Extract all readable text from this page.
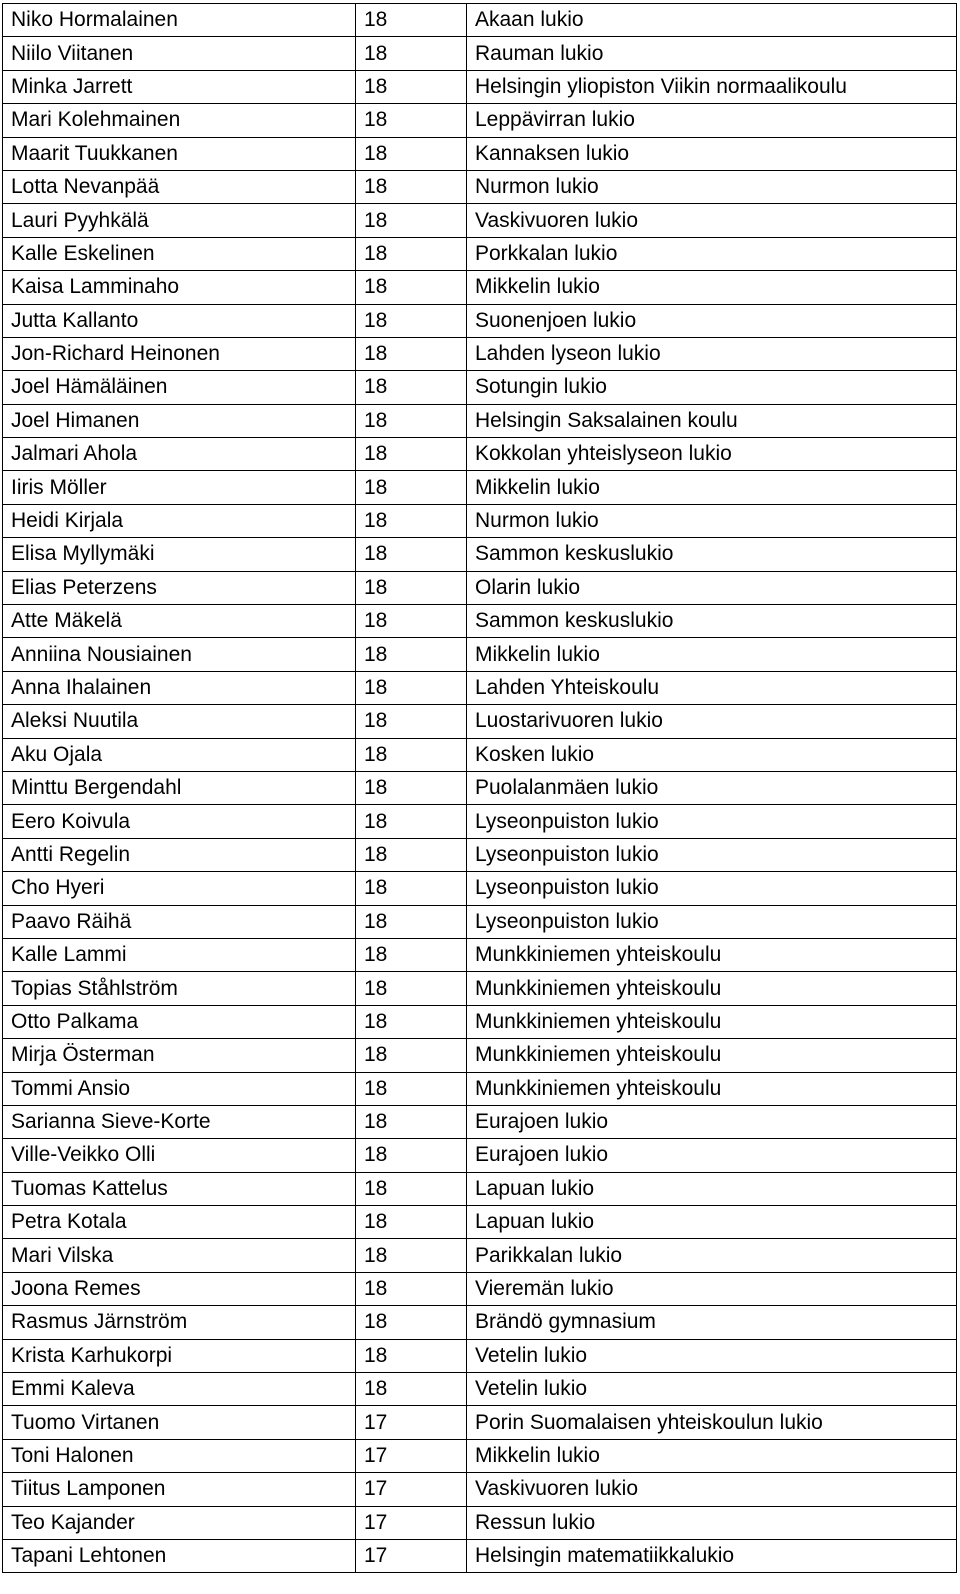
Niko Hormalainen	18	Akaan lukio
Niilo Viitanen	18	Rauman lukio
Minka Jarrett	18	Helsingin yliopiston Viikin normaalikoulu
Mari Kolehmainen	18	Leppävirran lukio
Maarit Tuukkanen	18	Kannaksen lukio
Lotta Nevanpää	18	Nurmon lukio
Lauri Pyyhkälä	18	Vaskivuoren lukio
Kalle Eskelinen	18	Porkkalan lukio
Kaisa Lamminaho	18	Mikkelin lukio
Jutta Kallanto	18	Suonenjoen lukio
Jon-Richard Heinonen	18	Lahden lyseon lukio
Joel Hämäläinen	18	Sotungin lukio
Joel Himanen	18	Helsingin Saksalainen koulu
Jalmari Ahola	18	Kokkolan yhteislyseon lukio
Iiris Möller	18	Mikkelin lukio
Heidi Kirjala	18	Nurmon lukio
Elisa Myllymäki	18	Sammon keskuslukio
Elias Peterzens	18	Olarin lukio
Atte Mäkelä	18	Sammon keskuslukio
Anniina Nousiainen	18	Mikkelin lukio
Anna Ihalainen	18	Lahden Yhteiskoulu
Aleksi Nuutila	18	Luostarivuoren lukio
Aku Ojala	18	Kosken lukio
Minttu Bergendahl	18	Puolalanmäen lukio
Eero Koivula	18	Lyseonpuiston lukio
Antti Regelin	18	Lyseonpuiston lukio
Cho Hyeri	18	Lyseonpuiston lukio
Paavo Räihä	18	Lyseonpuiston lukio
Kalle Lammi	18	Munkkiniemen yhteiskoulu
Topias Ståhlström	18	Munkkiniemen yhteiskoulu
Otto Palkama	18	Munkkiniemen yhteiskoulu
Mirja Österman	18	Munkkiniemen yhteiskoulu
Tommi Ansio	18	Munkkiniemen yhteiskoulu
Sarianna Sieve-Korte	18	Eurajoen lukio
Ville-Veikko Olli	18	Eurajoen lukio
Tuomas Kattelus	18	Lapuan lukio
Petra Kotala	18	Lapuan lukio
Mari Vilska	18	Parikkalan lukio
Joona Remes	18	Vieremän lukio
Rasmus Järnström	18	Brändö gymnasium
Krista Karhukorpi	18	Vetelin lukio
Emmi Kaleva	18	Vetelin lukio
Tuomo Virtanen	17	Porin Suomalaisen yhteiskoulun lukio
Toni Halonen	17	Mikkelin lukio
Tiitus Lamponen	17	Vaskivuoren lukio
Teo Kajander	17	Ressun lukio
Tapani Lehtonen	17	Helsingin matematiikkalukio
